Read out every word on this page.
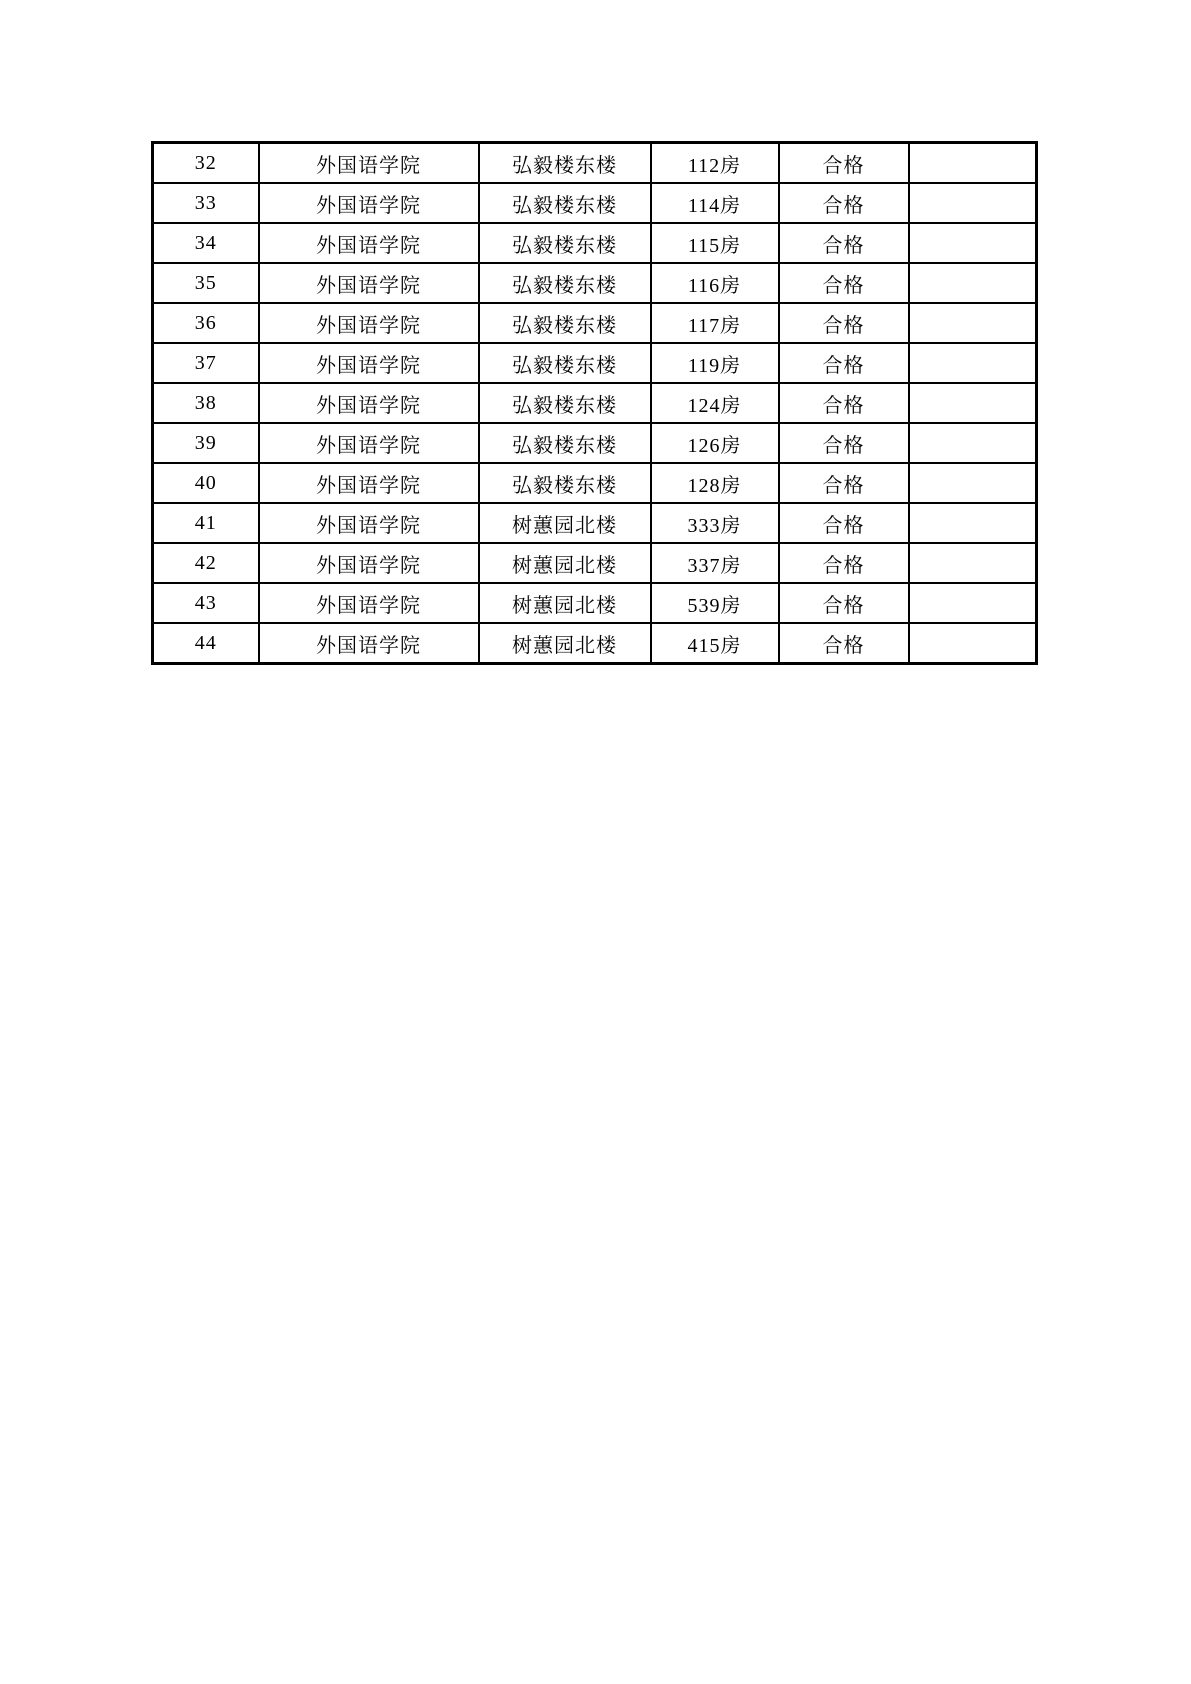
32	外国语学院	弘毅楼东楼	112房	合格	
33	外国语学院	弘毅楼东楼	114房	合格	
34	外国语学院	弘毅楼东楼	115房	合格	
35	外国语学院	弘毅楼东楼	116房	合格	
36	外国语学院	弘毅楼东楼	117房	合格	
37	外国语学院	弘毅楼东楼	119房	合格	
38	外国语学院	弘毅楼东楼	124房	合格	
39	外国语学院	弘毅楼东楼	126房	合格	
40	外国语学院	弘毅楼东楼	128房	合格	
41	外国语学院	树蕙园北楼	333房	合格	
42	外国语学院	树蕙园北楼	337房	合格	
43	外国语学院	树蕙园北楼	539房	合格	
44	外国语学院	树蕙园北楼	415房	合格	
